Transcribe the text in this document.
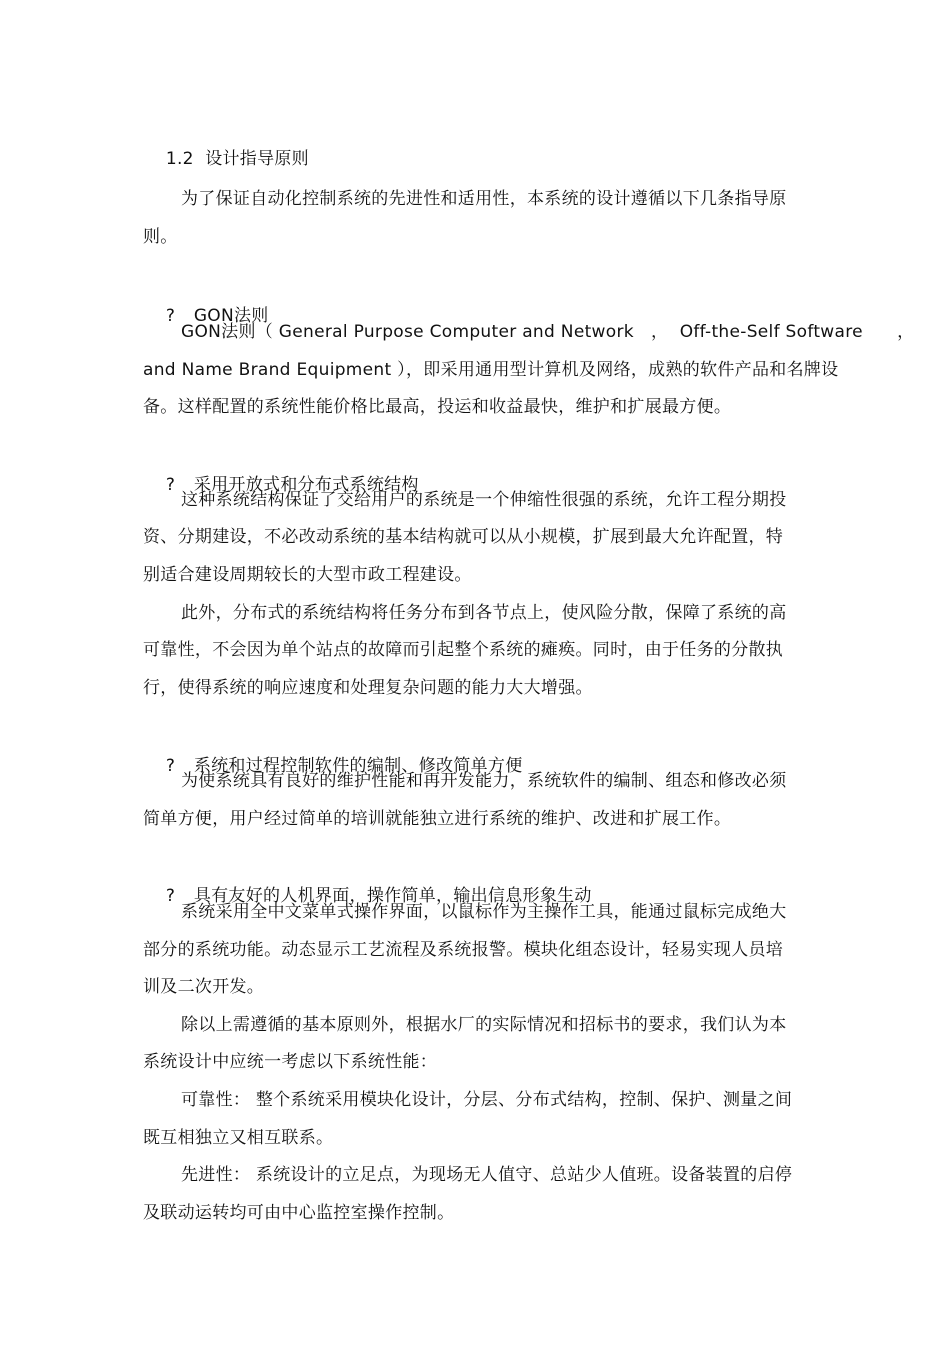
1.2 设计指导原则

为了保证自动化控制系统的先进性和适用性，本系统的设计遵循以下几条指导原
则。

? GON法则

GON法则（ General Purpose Computer and Network   ，  Off-the-Self Software      ，
and Name Brand Equipment ），即采用通用型计算机及网络，成熟的软件产品和名牌设
备。这样配置的系统性能价格比最高，投运和收益最快，维护和扩展最方便。

? 采用开放式和分布式系统结构

这种系统结构保证了交给用户的系统是一个伸缩性很强的系统，允许工程分期投
资、分期建设，不必改动系统的基本结构就可以从小规模，扩展到最大允许配置，特
别适合建设周期较长的大型市政工程建设。
此外，分布式的系统结构将任务分布到各节点上，使风险分散，保障了系统的高
可靠性，不会因为单个站点的故障而引起整个系统的瘫痪。同时，由于任务的分散执
行，使得系统的响应速度和处理复杂问题的能力大大增强。

? 系统和过程控制软件的编制、修改简单方便

为使系统具有良好的维护性能和再开发能力，系统软件的编制、组态和修改必须
简单方便，用户经过简单的培训就能独立进行系统的维护、改进和扩展工作。

? 具有友好的人机界面，操作简单，输出信息形象生动

系统采用全中文菜单式操作界面，以鼠标作为主操作工具，能通过鼠标完成绝大
部分的系统功能。动态显示工艺流程及系统报警。模块化组态设计，轻易实现人员培
训及二次开发。
除以上需遵循的基本原则外，根据水厂的实际情况和招标书的要求，我们认为本
系统设计中应统一考虑以下系统性能：
可靠性： 整个系统采用模块化设计，分层、分布式结构，控制、保护、测量之间
既互相独立又相互联系。
先进性： 系统设计的立足点，为现场无人值守、总站少人值班。设备装置的启停
及联动运转均可由中心监控室操作控制。
